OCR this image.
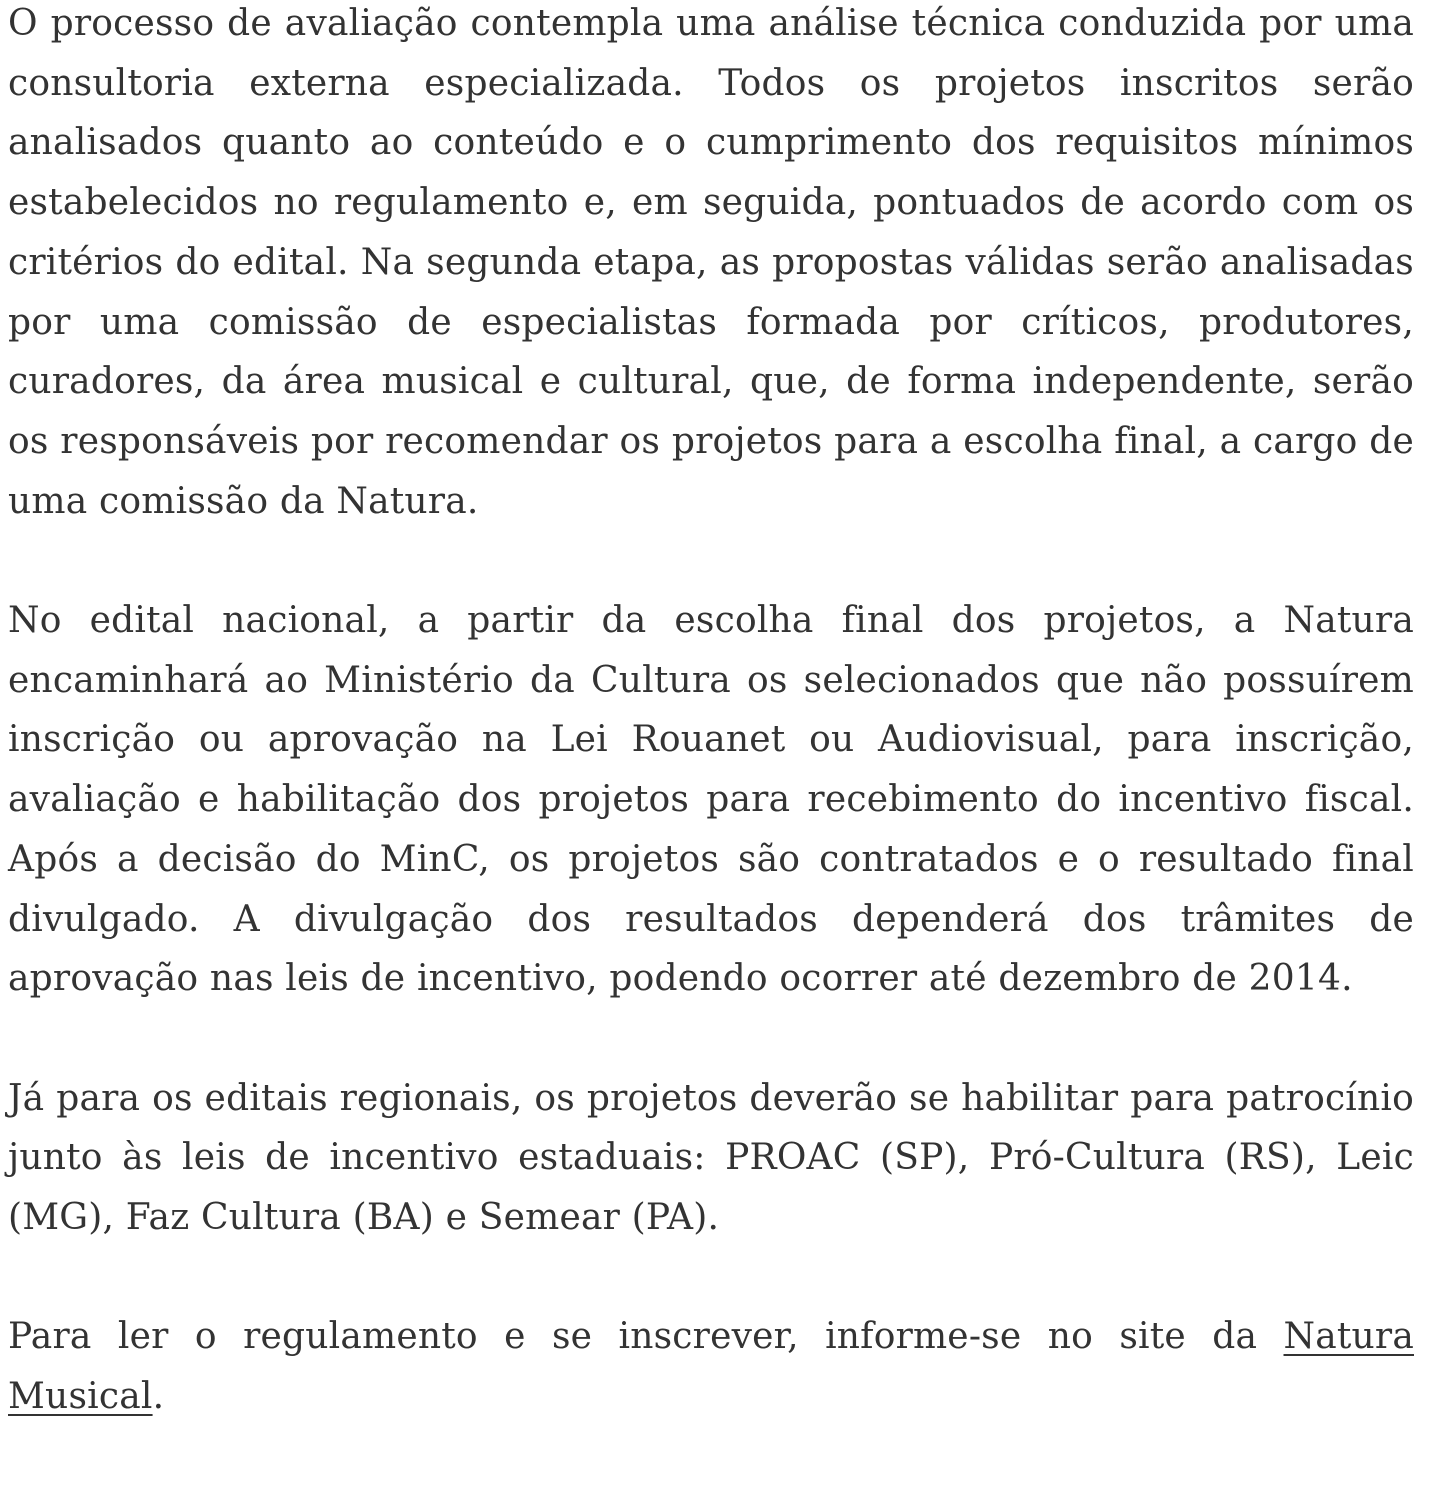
O processo de avaliação contempla uma análise técnica conduzida por uma consultoria externa especializada. Todos os projetos inscritos serão analisados quanto ao conteúdo e o cumprimento dos requisitos mínimos estabelecidos no regulamento e, em seguida, pontuados de acordo com os critérios do edital. Na segunda etapa, as propostas válidas serão analisadas por uma comissão de especialistas formada por críticos, produtores, curadores, da área musical e cultural, que, de forma independente, serão os responsáveis por recomendar os projetos para a escolha final, a cargo de uma comissão da Natura.

No edital nacional, a partir da escolha final dos projetos, a Natura encaminhará ao Ministério da Cultura os selecionados que não possuírem inscrição ou aprovação na Lei Rouanet ou Audiovisual, para inscrição, avaliação e habilitação dos projetos para recebimento do incentivo fiscal. Após a decisão do MinC, os projetos são contratados e o resultado final divulgado. A divulgação dos resultados dependerá dos trâmites de aprovação nas leis de incentivo, podendo ocorrer até dezembro de 2014.

Já para os editais regionais, os projetos deverão se habilitar para patrocínio junto às leis de incentivo estaduais: PROAC (SP), Pró-Cultura (RS), Leic (MG), Faz Cultura (BA) e Semear (PA).

Para ler o regulamento e se inscrever, informe-se no site da Natura Musical.
